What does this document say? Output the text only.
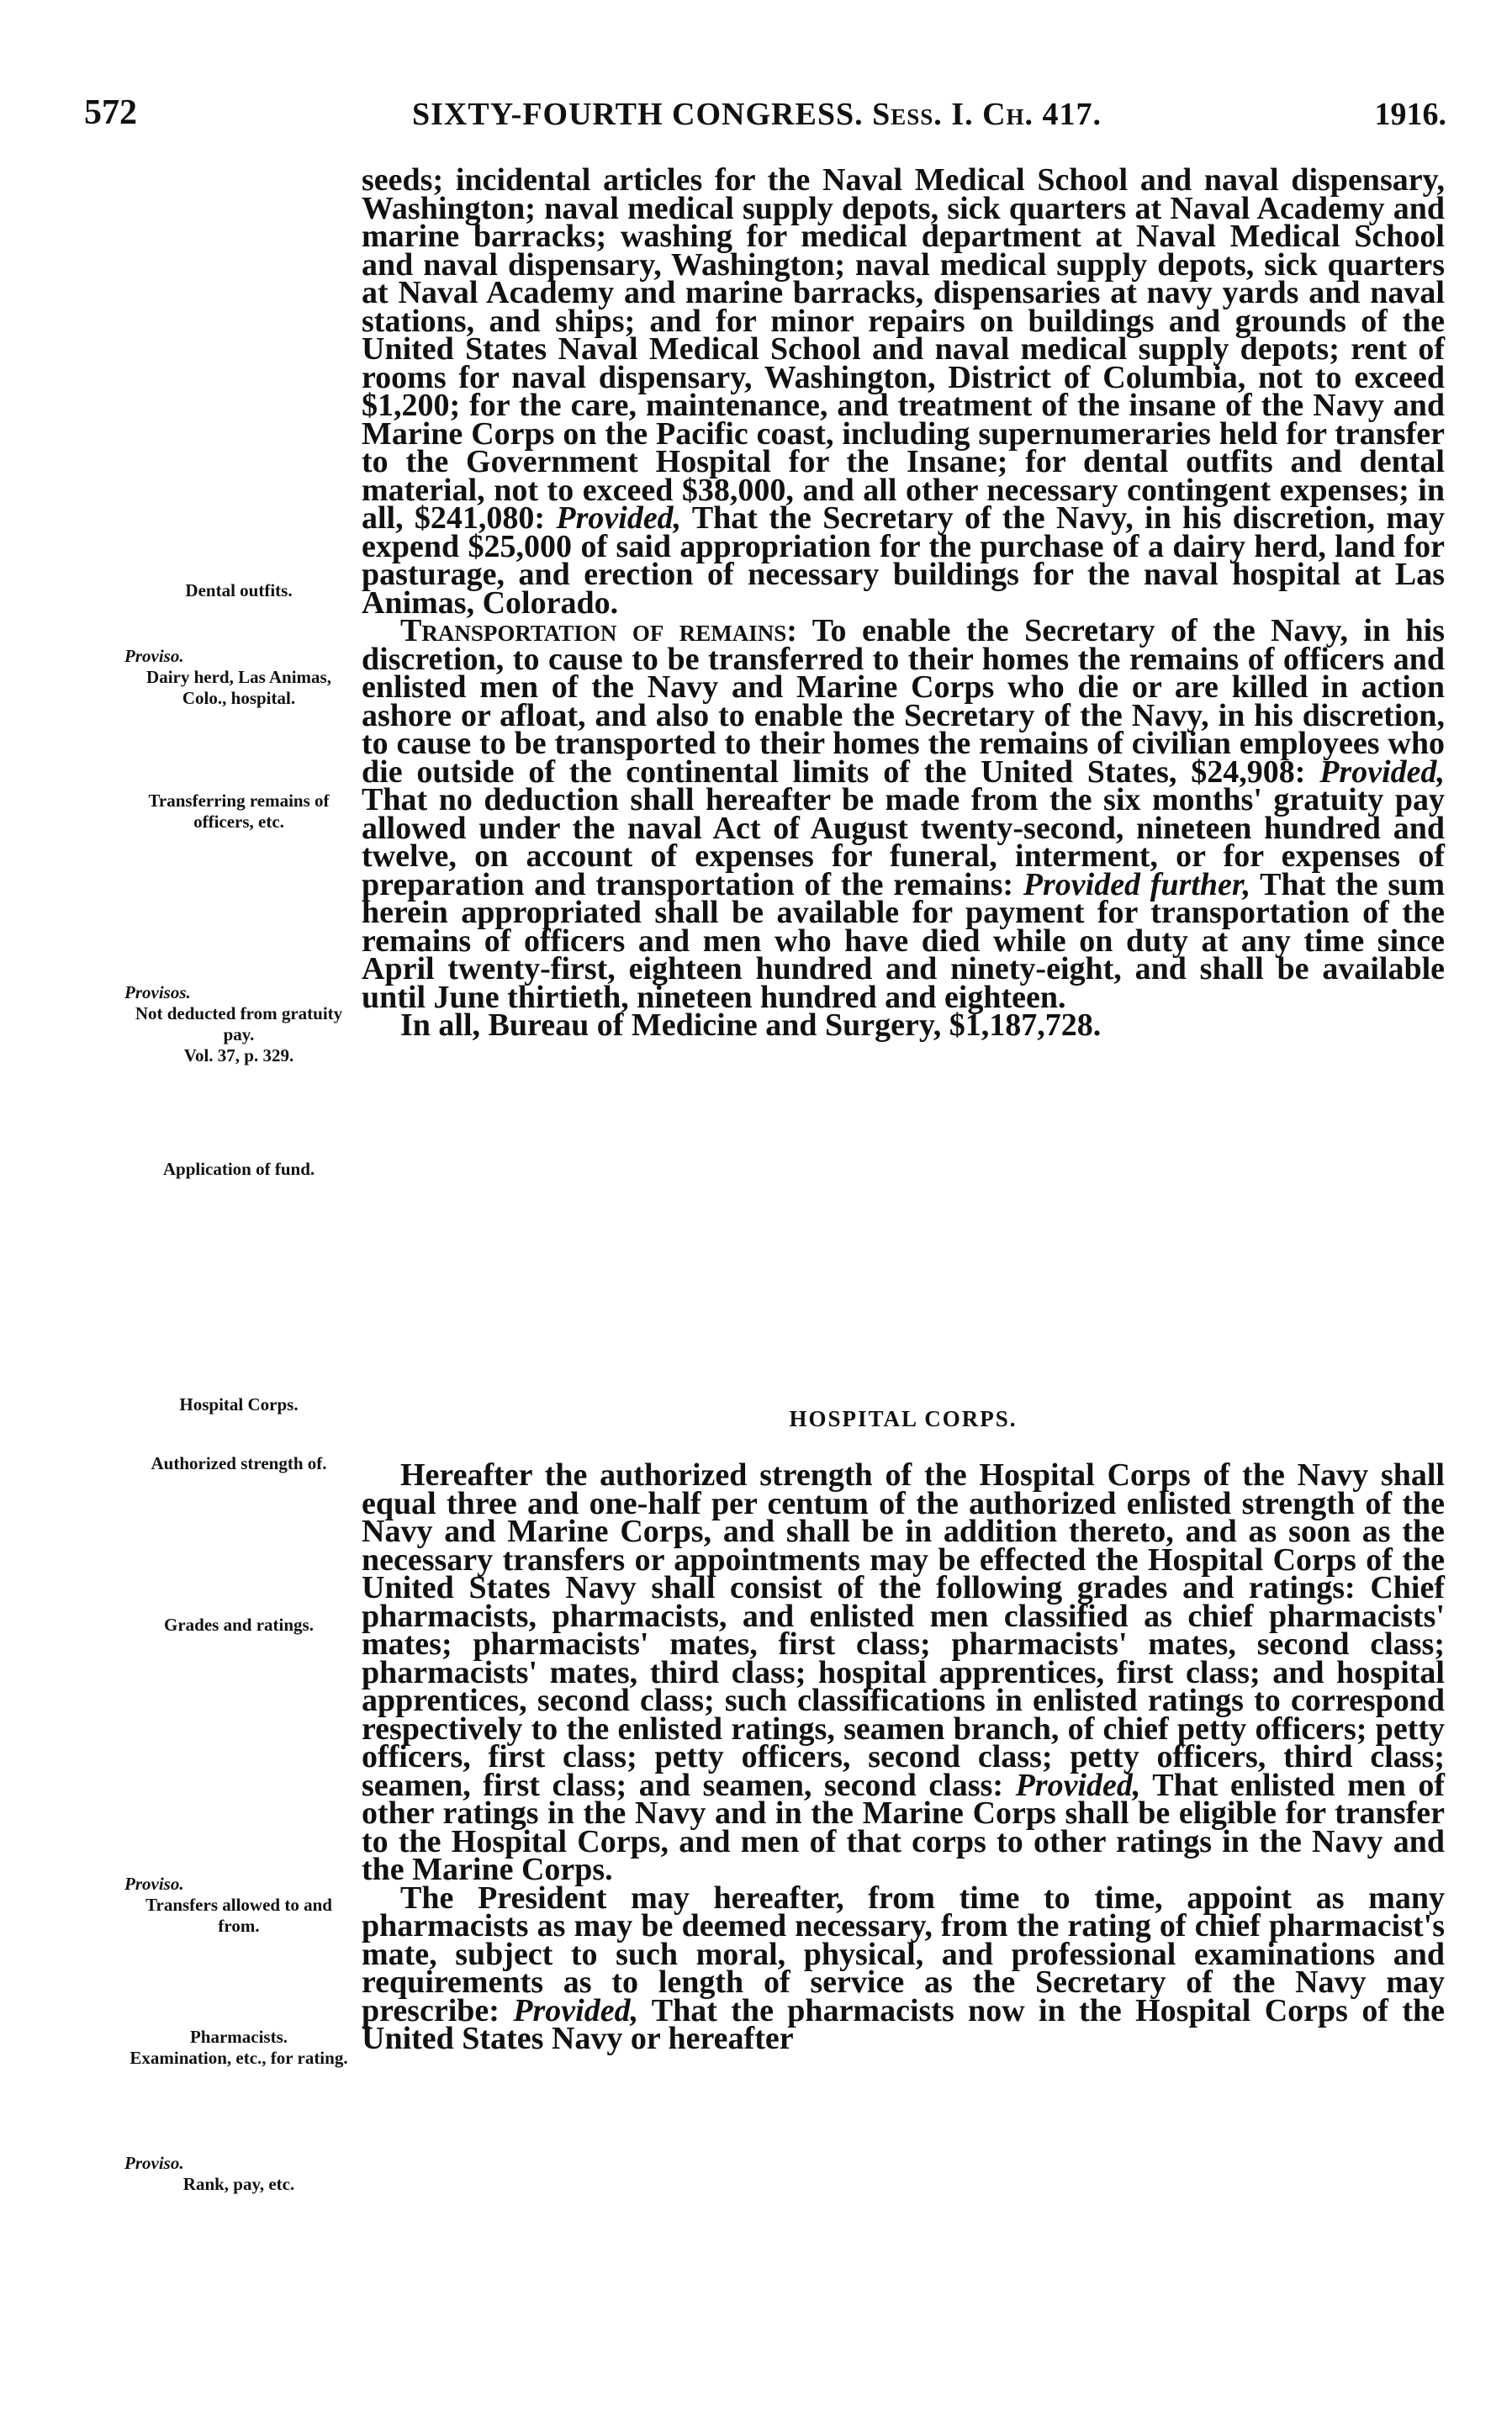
572	SIXTY-FOURTH CONGRESS. Sess. I. Ch. 417.	1916.
Dental outfits.
Proviso.
Dairy herd, Las Animas, Colo., hospital.
Transferring remains of officers, etc.
Provisos.
Not deducted from gratuity pay.
Vol. 37, p. 329.
Application of fund.
Hospital Corps.
Authorized strength of.
Grades and ratings.
Proviso.
Transfers allowed to and from.
Pharmacists.
Examination, etc., for rating.
Proviso.
Rank, pay, etc.

seeds; incidental articles for the Naval Medical School and naval dispensary, Washington; naval medical supply depots, sick quarters at Naval Academy and marine barracks; washing for medical department at Naval Medical School and naval dispensary, Washington; naval medical supply depots, sick quarters at Naval Academy and marine barracks, dispensaries at navy yards and naval stations, and ships; and for minor repairs on buildings and grounds of the United States Naval Medical School and naval medical supply depots; rent of rooms for naval dispensary, Washington, District of Columbia, not to exceed $1,200; for the care, maintenance, and treatment of the insane of the Navy and Marine Corps on the Pacific coast, including supernumeraries held for transfer to the Government Hospital for the Insane; for dental outfits and dental material, not to exceed $38,000, and all other necessary contingent expenses; in all, $241,080: Provided, That the Secretary of the Navy, in his discretion, may expend $25,000 of said appropriation for the purchase of a dairy herd, land for pasturage, and erection of necessary buildings for the naval hospital at Las Animas, Colorado.

Transportation of remains: To enable the Secretary of the Navy, in his discretion, to cause to be transferred to their homes the remains of officers and enlisted men of the Navy and Marine Corps who die or are killed in action ashore or afloat, and also to enable the Secretary of the Navy, in his discretion, to cause to be transported to their homes the remains of civilian employees who die outside of the continental limits of the United States, $24,908: Provided, That no deduction shall hereafter be made from the six months' gratuity pay allowed under the naval Act of August twenty-second, nineteen hundred and twelve, on account of expenses for funeral, interment, or for expenses of preparation and transportation of the remains: Provided further, That the sum herein appropriated shall be available for payment for transportation of the remains of officers and men who have died while on duty at any time since April twenty-first, eighteen hundred and ninety-eight, and shall be available until June thirtieth, nineteen hundred and eighteen.

In all, Bureau of Medicine and Surgery, $1,187,728.

HOSPITAL CORPS.

Hereafter the authorized strength of the Hospital Corps of the Navy shall equal three and one-half per centum of the authorized enlisted strength of the Navy and Marine Corps, and shall be in addition thereto, and as soon as the necessary transfers or appointments may be effected the Hospital Corps of the United States Navy shall consist of the following grades and ratings: Chief pharmacists, pharmacists, and enlisted men classified as chief pharmacists' mates; pharmacists' mates, first class; pharmacists' mates, second class; pharmacists' mates, third class; hospital apprentices, first class; and hospital apprentices, second class; such classifications in enlisted ratings to correspond respectively to the enlisted ratings, seamen branch, of chief petty officers; petty officers, first class; petty officers, second class; petty officers, third class; seamen, first class; and seamen, second class: Provided, That enlisted men of other ratings in the Navy and in the Marine Corps shall be eligible for transfer to the Hospital Corps, and men of that corps to other ratings in the Navy and the Marine Corps.

The President may hereafter, from time to time, appoint as many pharmacists as may be deemed necessary, from the rating of chief pharmacist's mate, subject to such moral, physical, and professional examinations and requirements as to length of service as the Secretary of the Navy may prescribe: Provided, That the pharmacists now in the Hospital Corps of the United States Navy or hereafter
